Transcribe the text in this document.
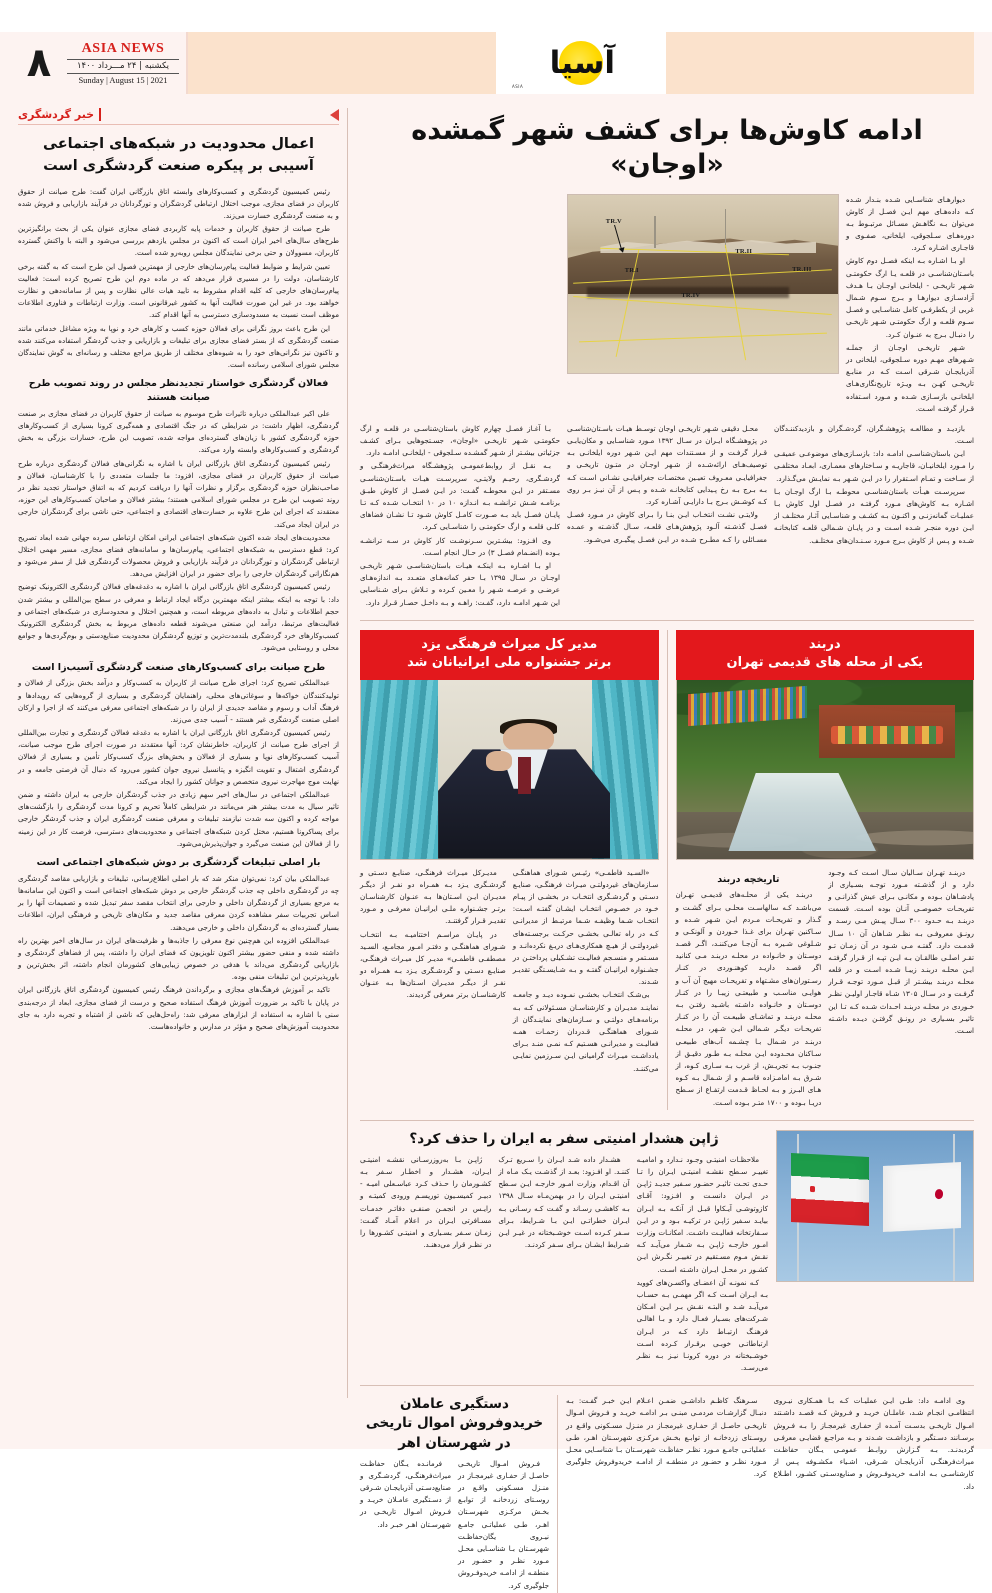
۸	ASIA NEWS
یکشنبه | ۲۴ مـــرداد ۱۴۰۰
Sunday | August 15 | 2021	آسیا
ASIA
ادامه کاوش‌ها برای کشف شهر گمشده «اوجان»
دیوارهـای شناسـایی شـده بنـدار شـده کـه داده‌هـای مهم ایـن فصـل از کاوش می‌توان بـه نگاهـش مسـائل مرتبـوط بـه دوره‌هـای سـلجوقی، ایلخانی، صفـوی و قاجـاری اشـاره کـرد.
او بـا اشـاره بـه اینکه فصـل دوم کاوش باسـتان‌شناسـی در قلعـه یـا ارگ حکومتـی شـهر تاریخـی - ایلخانـی اوجـان بـا هـدف آزادسـازی دیوارهـا و بـرج سـوم شـمال غربی از یکطرفـی کامل شناسـایی و فصـل سـوم قلعـه و ارگ حکومتـی شـهر تاریخـی را دنبـال بـرج به عنـوان کـرد.
شـهر تاریخـی اوجـان از جملـه شـهرهای مهـم دوره سـلجوقی، ایلخانی در آذربایجـان شـرقی اسـت کـه در منابـع تاریخـی کهـن بـه ویـژه تاریخ‌نگاری‌هـای ایلخانـی بازسـازی شـده و مـورد اسـتفاده قـرار گرفتـه اسـت.
TR.V
TR.I
TR.II
TR.III
TR.IV
بازدیـد و مطالعـه پژوهشـگران، گردشـگران و بازدیدکننـدگان اسـت.
ایـن باستان‌شناسـی ادامـه داد: بازسـازی‌های موضوعـی عمیقـی را مـورد ایلخانیـان، قاجاریـه و سـاختارهای معمـاری، ابعـاد مختلفـی از سـاخت و تمـام اسـتقرار را در ایـن شـهر بـه نمایـش می‌گـذارد.
سرپرسـت هیـأت باستان‌شناسـی محوطـه بـا ارگ اوجـان بـا اشـاره بـه کاوش‌های مـورد گرفتـه در فصـل اول کاوش بـا عملیـات گمانه‌زنـی و اکنـون بـه کشـف و شناسـایی آثـار مختلـف از ایـن دوره منجـر شـده اسـت و در پایـان شـمالی قلعـه کتابخانـه شـده و پـس از کاوش بـرج مـورد سـنـدان‌های مختلـف.
محـل دقیقی شـهر تاریخـی اوجان توسـط هیـات باسـتان‌شناسـی در پژوهشـگاه ایـران در سـال ۱۳۹۲ مـورد شناسـایی و مکان‌یابـی قـرار گرفـت و از مسـتندات مهم ایـن شـهر دوره ایلخانـی بـه توصیف‌هـای ارائه‌شـده از شـهر اوجـان در متـون تاریخـی و جغرافیایـی معـروف تعیـین مختصـات جغرافیایـی نشـانی اسـت کـه بـه بـرج بـه رخ پـیدایی کتابخانـه شـده و پـس از آن نیـز بـر روی کـه کوشـش بـرج بـا دارایـی آشـاره کرد.
ولایتـی نشـت انتخـاب ایـن بنـا را بـرای کاوش در مـورد فصـل فصـل گذشـته آلـود پژوهش‌هـای قلعـه، سـال گذشـته و عمـده مسـائلی را کـه مطـرح شـده در ایـن فصـل پیگیـری می‌شـود.
بـا آغـاز فصـل چهارم کاوش باستان‌شناسـی در قلعـه و ارگ حکومتـی شـهر تاریخـی «اوجان»، جسـتجوهایی بـرای کشـف جزئیاتی بیشـتر از شـهر گمشـده سـلجوقی - ایلخانـی ادامـه دارد.
بـه نقـل از روابط‌عمومـی پژوهشـگاه میراث‌فرهنگـی و گردشـگری، رحیـم ولایتـی، سرپرسـت هیـات باسـتان‌شناسـی مسـتقر در ایـن محوطـه گفـت: در ایـن فصـل از کاوش طبـق برنامـه شـش ترانشـه بـه انـدازه ۱۰ در ۱۰ انتخـاب شـده کـه تـا پایـان فصـل باید بـه صـورت کامـل کاوش شـود تـا نشـان فضاهای کلـی قلعـه و ارگ حکومتـی را شناسـایی کـرد.
وی افـزود: بیشـترین سـرنوشـت کار کاوش در سـه ترانشـه بـوده (انضـمام فصـل ۳) در حـال انجام اسـت.
او بـا اشـاره بـه اینکـه هیـات باستان‌شناسـی شـهر تاریخـی اوجـان در سـال ۱۳۹۵ بـا حفر کمانه‌هـای متعـدد بـه اندازه‌هـای عرضـی و عرصـه شـهر را معـین کـرده و تـلاش بـرای شـناسایی این شـهر ادامـه دارد، گفـت: راهـه و بـه داخـل حصـار قـرار دارد.
دربند
یکی از محله های قدیمی تهران
دربنـد تهـران سـالیان سـال اسـت کـه وجـود دارد و از گذشـته مـورد توجـه بسـیاری از پادشـاهان بـوده و مکانـی بـرای عیش گذرانـی و تفریحـات خصوصـی آنـان بوده اسـت. قسمت دربنـد بـه حـدود ۳۰۰ سـال پیـش مـی رسـد و رونـق معروفـی بـه نظـر شـاهان آن ۱۰ سـال قدمـت دارد. گفتـه مـی شـود در آن زمـان تـو تقـر اصلـی طالقـان بـه ایـن تپـه از قـرار گرفتـه ایـن محلـه دربنـد زیبـا شـده اسـت و در قلعه محلـه دربنـد بیشـتر از قبـل مـورد توجـه قـرار گرفـت و در سـال ۱۳۰۵ شـاه قاجـار اولیـن نظـر خـوردی در محلـه دربنـد احـداث شـده کـه تـا این تاثیـر بسـیاری در رونـق گرفتـن دیـده داشـته اسـت.
تاریخچه دربند
دربنـد یکی از محلـه‌های قدیمـی تهـران می‌باشـد کـه سالهاسـت محلـی بـرای گشـت و گـذار و تفریحـات مـردم ایـن شـهر شـده و سـاکنین تهـران برای غـذا خـوردن و آلونکـی و شـلوغی شـیره بـه آن‌جـا می‌کننـد، اگـر قصـد دوسـتان و خانـواده در محلـه دربنـد مـی کنانید اگر قصـد داریـد کوهنـوردی در کنـار رسـتوران‌های مشـتهاه و تفریحـات مهیج آن آب و هوایـی مناسـب و طبیعتـی زیبـا را در کنـار دوسـتان و خانـواده داشـته باشـید رفتـن بـه محلـه دربنـد و تماشـای طبیعـت آن را در کنـار تفریحـات دیگـر شـمالی ایـن شـهر، در محلـه دربنـد در شـمال بـا چشـمه آب‌های طبیعـی سـاکنان محـدوده ایـن محلـه بـه طـور دقیـق از جنـوب بـه تجریـش، از غرب بـه سـاری کـوه، از شـرق بـه امامـزاده قاسـم و از شـمال بـه کـوه هـای البـرز و بـه لحـاظ قـدمت ارتفـاع از سـطح دریـا بـوده و ۱۷۰۰ متـر بـوده اسـت.
مدیر کل میراث فرهنگی یزد
برتر جشنواره ملی ایرانیانان شد
«السـید فاطمـی» رئیـس شـورای هماهنگـی سـازمان‌های غیردولتـی میـراث فرهنگـی، صنایـع دسـتی و گردشـگری انتخـاب در بخشـی از پیـام خـود در خصـوص انتخـاب ایشـان گفتـه اسـت: انتخـاب شـما وظیفـه شـما مرتبـط از مدیرانـی کـه در راه تعالـی بخشـی حرکـت برجسـته‌های غیردولتـی از هیـچ همکاری‌هـای دریـغ نکرده‌انـد و مسـتمر و منسـجم فعالیـت تشـکیلی پرداختـن در جشـنواره ایرانیـان گفتـه و بـه شـایسـتگی تقدیـر شـدند.
بی‌شـک انتخـاب بخشـی نمـوده دیـد و جامعـه نماینـد مدیـران و کارشناسـان مسـئولانی کـه بـه برنامه‌هـای دولتـی و سـازمان‌های نماینـدگان از شـورای هماهنگـی قـدردان زحمـات همـه فعالیـت و مدیرانـی هسـتیم کـه نمـی منـد بـرای یادداشـت میـراث گرامیانی ایـن سـرزمین نمایـی می‌کننـد.
مدیـرکل میـراث فرهنگـی، صنایـع دسـتی و گردشـگری یـزد بـه همـراه دو نفـر از دیگـر مدیـران ایـن اسـتان‌ها بـه عنـوان کارشناسـان برتـر جشـنواره ملـی ایرانیـان معرفـی و مـورد تقدیـر قـرار گرفتنـد.
در پایـان مراسـم اختتامیـه بـه انتخـاب شـورای هماهنگـی و دفتـر امـور مجامـع، السـید مصطفـی فاطمـی» مدیـر کل میـراث فرهنگـی، صنایـع دسـتی و گردشـگری یـزد بـه همـراه دو نفـر از دیگـر مدیـران اسـتان‌ها بـه عنـوان کارشناسـان برتر معرفی گردیدند.
ژاپن هشدار امنیتی سفر به ایران را حذف کرد؟
ملاحظـات امنیتـی وجـود نـدارد و امامیـه تغییـر سـطح نقشـه امنیتـی ایـران را تـا حـدی تحـت تاثیـر حضـور سـفیر جدیـد ژاپـن در ایـران دانسـت و افـزود: آقـای کازوتوشـی آیـکاوا قبـل از آنکـه بـه ایـران بیایـد سـفیر ژاپـن در ترکیـه بـود و در ایـن سـفارتخانه فعالیـت داشـت. امکانـات وزارت امـور خارجـه ژاپـن بـه شـمار می‌آیـد کـه نقـش مـوم مسـتقیم در تغییـر نگـرش ایـن کشـور در محـل ایـران داشـته اسـت.
کـه نمونـه آن اعضـای واکسـن‌های کووید بـه ایـران اسـت کـه اگر مهمـی بـه حسـاب می‌آیـد شـد و البتـه نقـش بـر ایـن امـکان شـرکت‌های بسـیار فعـال دارد و بـا اهالـی فرهنـگ ارتبـاط دارد کـه در ایـران ارتباطاتـی خوبـی برقـرار کـرده اسـت خوشـبختانه در دوره کرونـا نیـز بـه نظـر می‌رسـد.
هشـدار داده شـد ایـران را سـریع تـرک کننـد. او افـزود: بعـد از گذشـت یـک مـاه از آن اقـدام، وزارت امـور خارجـه ایـن سـطح امنیتـی ایـران را در بهمن‌مـاه سـال ۱۳۹۸ بـه کاهشـی رسـاند و گفـت کـه رسـانی بـه ایـران خطراتـی ایـن بـا شـرایط، بـرای سـفر کـرده اسـت خوشـبختانه در غیـر ایـن شـرایط ایشـان بـرای سـفر کردنـد.
ژاپـن بـا به‌روزرسـانی نقشـه امنیتـی ایـران، هشـدار و اخطـار سـفر بـه کشـورمان را حـذف کـرد عباسـعلی امیـه - دبیـر کمیسـیون توریسـم ورودی کمیتـه و رایـس در انجمـن صنفـی دفاتـر خدمـات مسـافرتی ایـران در اعلام آمـاد گفـت: زمـان سـفر بسـیاری و امنیتـی کشـورها را در نظـر قرار می‌دهنـد.
وی ادامـه داد: طـی ایـن عملیـات کـه بـا همـکاری نیـروی انتظامـی انجـام شـد، عاملـان خریـد و فـروش کـه قصـد داشـتند امـوال تاریخـی بدسـت آمـده از حفـاری غیرمجـاز را بـه فـروش برسـانند دسـتگیر و بازداشـت شـدند و بـه مراجـع قضایـی معرفـی گردیدنـد. بـه گـزارش روابـط عمومـی یـگان حفاظـت میراث‌فرهنگـی آذربایجـان شـرقی، اشـیاء مکشـوفه پـس از کارشناسـی بـه ادامـه خریدوفـروش و صنایع‌دسـتی کشـور، اطـلاع داد.
سـرهنگ کاظـم داداشـی ضمـن اعـلام ایـن خبـر گفـت: بـه دنبـال گزارشـات مردمـی مبنـی بـر ادامـه خریـد و فـروش امـوال تاریخـی حاصـل از حفـاری غیرمجـاز در منـزل مسـکونی واقـع در روسـتای زردخانـه از توابـع بخـش مرکـزی شهرسـتان اهـر، طـی عملیاتـی جامـع مـورد نظـر حفاظـت شهرسـتان بـا شناسـایی محـل مـورد نظـر و حضـور در منطقـه از ادامـه خریدوفروش جلوگیری کرد.
دستگیری عاملان خریدوفروش اموال تاریخی در شهرستان اهر
فـروش امـوال تاریخـی حاصـل از حفـاری غیرمجـاز در منـزل مسـکونی واقـع در روسـتای زردخانـه از توابـع بخـش مرکـزی شهرسـتان اهـر، طـی عملیاتـی جامـع نیـروی یگان‌حفاظـت شهرسـتان بـا شناسـایی محـل مـورد نظـر و حضـور در منطقـه از ادامـه خریدوفـروش جلوگیری کرد.
فرمانـده یـگان حفاظـت میراث‌فرهنگـی، گردشـگری و صنایع‌دسـتی آذربایجـان شـرقی از دسـتگیری عامـلان خریـد و فـروش امـوال تاریخـی در شهرسـتان اهـر خبـر داد.
خبر گردشگری
اعمال محدودیت در شبکه‌های اجتماعی آسیبی بر پیکره صنعت گردشگری است
رئیس کمیسیون گردشگری و کسب‌وکارهای وابسته اتاق بازرگانی ایران گفت: طرح صیانت از حقوق کاربران در فضای مجازی، موجب اختلال ارتباطی گردشگران و تورگردانان در فرآیند بازاریابی و فروش شده و به صنعت گردشگری خسارت می‌زند.
طرح صیانت از حقوق کاربران و خدمات پایه کاربردی فضای مجازی عنوان یکی از بحث برانگیزترین طرح‌های سال‌های اخیر ایران است که اکنون در مجلس یازدهم بررسی می‌شود و البته با واکنش گسترده کاربران، مسوولان و حتی برخی نمایندگان مجلس روبه‌رو شده است.
تعیین شرایط و ضوابط فعالیت پیام‌رسان‌های خارجی از مهمترین فصول این طرح است که به گفته برخی کارشناسان، دولت را در مسیری قرار می‌دهد که در ماده دوم این طرح تصریح کرده است: فعالیت پیام‌رسان‌های خارجی که کلیه اقدام مشروط به تایید هیات عالی نظارت و پس از سامانه‌دهی و نظارت خواهند بود. در غیر این صورت فعالیت آنها به کشور غیرقانونی است. وزارت ارتباطات و فناوری اطلاعات موظف است نسبت به مسدودسازی دسترسی به آنها اقدام کند.
این طرح باعث بروز نگرانی برای فعالان حوزه کسب و کارهای خرد و نوپا به ویژه مشاغل خدماتی مانند صنعت گردشگری که از بستر فضای مجازی برای تبلیغات و بازاریابی و جذب گردشگر استفاده می‌کنند شده و تاکنون نیز نگرانی‌های خود را به شیوه‌های مختلف از طریق مراجع مختلف و رسانه‌ای به گوش نمایندگان مجلس شورای اسلامی رسانده است.
فعالان گردشگری خواستار تجدیدنظر مجلس در روند تصویب طرح صیانت هستند
علی اکبر عبدالملکی درباره تاثیرات طرح موسوم به صیانت از حقوق کاربران در فضای مجازی بر صنعت گردشگری، اظهار داشت: در شرایطی که در جنگ اقتصادی و همه‌گیری کرونا بسیاری از کسب‌وکارهای حوزه گردشگری کشور با زیان‌های گسترده‌ای مواجه شده، تصویب این طرح، خسارات بزرگی به بخش گردشگری و کسب‌وکارهای وابسته وارد می‌کند.
رئیس کمیسیون گردشگری اتاق بازرگانی ایران با اشاره به نگرانی‌های فعالان گردشگری درباره طرح صیانت از حقوق کاربران در فضای مجازی، افزود: ما جلسات متعددی را با کارشناسان، فعالان و صاحب‌نظران حوزه گردشگری برگزار و نظرات آنها را دریافت کردیم که به اتفاق خواستار تجدید نظر در روند تصویب این طرح در مجلس شورای اسلامی هستند؛ بیشتر فعالان و صاحبان کسب‌وکارهای این حوزه، معتقدند که اجرای این طرح علاوه بر خسارت‌های اقتصادی و اجتماعی، حتی ناشی برای گردشگران خارجی در ایران ایجاد می‌کند.
محدودیت‌های ایجاد شده اکنون شبکه‌های اجتماعی ایرانی امکان ارتباطی سرده جهانی شده ابعاد تصریح کرد: قطع دسترسی به شبکه‌های اجتماعی، پیام‌رسان‌ها و سامانه‌های فضای مجازی، مسیر مهمی اختلال ارتباطی گردشگران و تورگردانان در فرآیند بازاریابی و فروش محصولات گردشگری قبل از سفر می‌شود و هم‌نگارانی گردشگران خارجی را برای حضور در ایران افزایش می‌دهد.
رئیس کمیسیون گردشگری اتاق بازرگانی ایران با اشاره به دغدغه‌های فعالان گردشگری الکترونیک توضیح داد: با توجه به اینکه بیشتر اینکه مهمترین درگاه ایجاد ارتباط و معرفی در سطح بین‌المللی و بیشتر شدن حجم اطلاعات و تبادل به داده‌های مربوطه است، و همچنین اختلال و محدودسازی در شبکه‌های اجتماعی و فعالیت‌های مرتبط، درآمد این صنعتی می‌شوند قطعه داده‌های مربوط به بخش گردشگری الکترونیک کسب‌وکارهای خرد گردشگری بلندمدت‌ترین و توزیع گردشگران محدودیت صنایع‌دستی و بوم‌گردی‌ها و جوامع محلی و روستایی می‌شود.
طرح صیانت برای کسب‌وکارهای صنعت گردشگری آسیب‌زا است
عبدالملکی تصریح کرد: اجرای طرح صیانت از کاربران به کسب‌وکار و درآمد بخش بزرگی از فعالان و تولیدکنندگان خواکه‌ها و سوغاتی‌های محلی، راهنمایان گردشگری و بسیاری از گروه‌هایی که رویدادها و فرهنگ آداب و رسوم و مقاصد جدیدی از ایران را در شبکه‌های اجتماعی معرفی می‌کنند که از اجرا و ارکان اصلی صنعت گردشگری غیر هستند - آسیب جدی می‌زند.
رئیس کمیسیون گردشگری اتاق بازرگانی ایران با اشاره به دغدغه فعالان گردشگری و تجارت بین‌المللی از اجرای طرح صیانت از کاربران، خاطرنشان کرد: آنها معتقدند در صورت اجرای طرح موجب صیانت، آسیب کسب‌وکارهای نوپا و بسیاری از فعالان و بخش‌های بزرگ کسب‌وکار تأمین و بسیاری از فعالان گردشگری اشتغال و تقویت انگیزه و پتانسیل نیروی جوان کشور می‌رود که دنبال آن فرصتی جامعه و در نهایت موج مهاجرت نیروی متخصص و جوانان کشور را ایجاد می‌کند.
عبدالملکی اجتماعی در سال‌های اخیر سهم زیادی در جذب گردشگران خارجی به ایران داشته و ضمن تاثیر سیال به مدت بیشتر هنر می‌مانند در شرایطی کاملاً تحریم و کرونا مدت گردشگری را بازگشت‌های مواجه کرده و اکنون سه شدت نیازمند تبلیغات و معرفی صنعت گردشگری ایران و جذب گردشگر خارجی برای پساکرونا هستیم، مختل کردن شبکه‌های اجتماعی و محدودیت‌های دسترسی، فرصت کار در این زمینه را از فعالان این صنعت می‌گیرد و جوان‌پذیرش‌می‌شود.
بار اصلی تبلیغات گردشگری بر دوش شبکه‌های اجتماعی است
عبدالملکی بیان کرد: نمی‌توان منکر شد که بار اصلی اطلاع‌رسانی، تبلیغات و بازاریابی مقاصد گردشگری چه در گردشگری داخلی چه جذب گردشگر خارجی بر دوش شبکه‌های اجتماعی است و اکنون این سامانه‌ها به مرجع بسیاری از گردشگران داخلی و خارجی برای انتخاب مقصد سفر تبدیل شده و تصمیمات آنها را بر اساس تجربیات سفر مشاهده کردن معرفی مقاصد جدید و مکان‌های تاریخی و فرهنگی ایران، اطلاعات بسیار گسترده‌ای به گردشگران داخلی و خارجی می‌دهند.
عبدالملکی افزوده این هم‌چنین نوع معرفی را جاذبه‌ها و ظرفیت‌های ایران در سال‌های اخیر بهترین راه داشته شده و منفی حضور بیشتر اکنون تلویزیون که فضای ایران را داشته، پس از فضاهای گردشگری و بازاریابی گردشگری می‌داند با هدفی در خصوص زیبایی‌های کشورمان انجام داشته، اثر بخش‌ترین و باورپذیرترین این تبلیغات منفی بوده.
تاکید بر آموزش فرهنگ‌های مجازی و برگرداندن فرهنگ رئیس کمیسیون گردشگری اتاق بازرگانی ایران در پایان با تاکید بر ضرورت آموزش فرهنگ استفاده صحیح و درست از فضای مجازی، ابعاد از درجه‌بندی سنی با اشاره به استفاده از ابزارهای معرفی شد: راه‌حل‌هایی که ناشی از اشتباه و تجربه دارد به جای محدودیت آموزش‌های صحیح و مؤثر در مدارس و خانواده‌هاست.
